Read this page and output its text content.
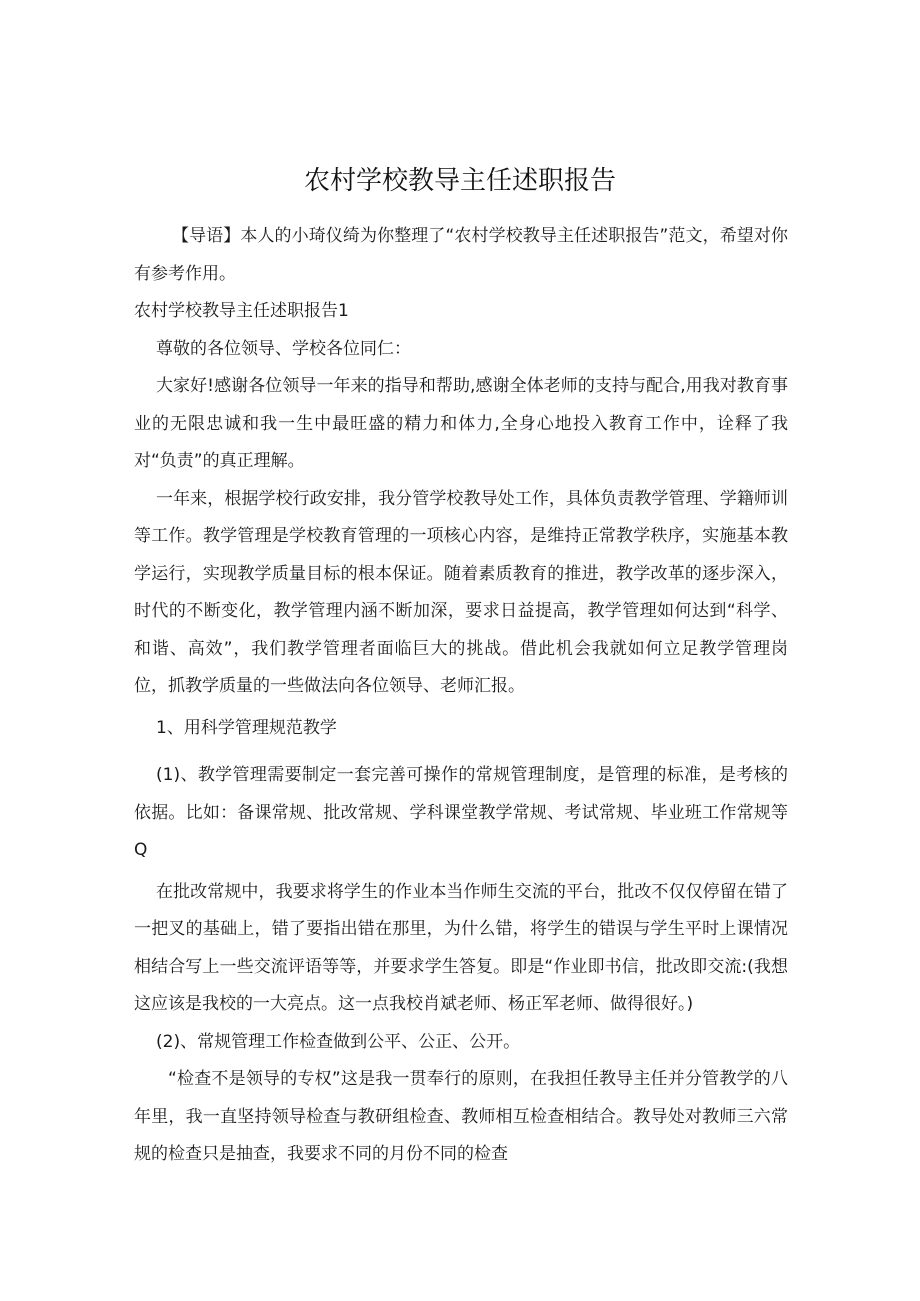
农村学校教导主任述职报告

【导语】本人的小琦仪绮为你整理了“农村学校教导主任述职报告”范文，希望对你有参考作用。

农村学校教导主任述职报告1

尊敬的各位领导、学校各位同仁：

大家好!感谢各位领导一年来的指导和帮助,感谢全体老师的支持与配合,用我对教育事业的无限忠诚和我一生中最旺盛的精力和体力,全身心地投入教育工作中，诠释了我对“负责”的真正理解。

一年来，根据学校行政安排，我分管学校教导处工作，具体负责教学管理、学籍师训等工作。教学管理是学校教育管理的一项核心内容，是维持正常教学秩序，实施基本教学运行，实现教学质量目标的根本保证。随着素质教育的推进，教学改革的逐步深入，时代的不断变化，教学管理内涵不断加深，要求日益提高，教学管理如何达到“科学、和谐、高效”，我们教学管理者面临巨大的挑战。借此机会我就如何立足教学管理岗位，抓教学质量的一些做法向各位领导、老师汇报。

1、用科学管理规范教学

(1)、教学管理需要制定一套完善可操作的常规管理制度，是管理的标准，是考核的依据。比如：备课常规、批改常规、学科课堂教学常规、考试常规、毕业班工作常规等Q

在批改常规中，我要求将学生的作业本当作师生交流的平台，批改不仅仅停留在错了一把叉的基础上，错了要指出错在那里，为什么错，将学生的错误与学生平时上课情况相结合写上一些交流评语等等，并要求学生答复。即是“作业即书信，批改即交流:(我想这应该是我校的一大亮点。这一点我校肖斌老师、杨正军老师、做得很好。)

(2)、常规管理工作检查做到公平、公正、公开。

“检查不是领导的专权”这是我一贯奉行的原则，在我担任教导主任并分管教学的八年里，我一直坚持领导检查与教研组检查、教师相互检查相结合。教导处对教师三六常规的检查只是抽查，我要求不同的月份不同的检查
